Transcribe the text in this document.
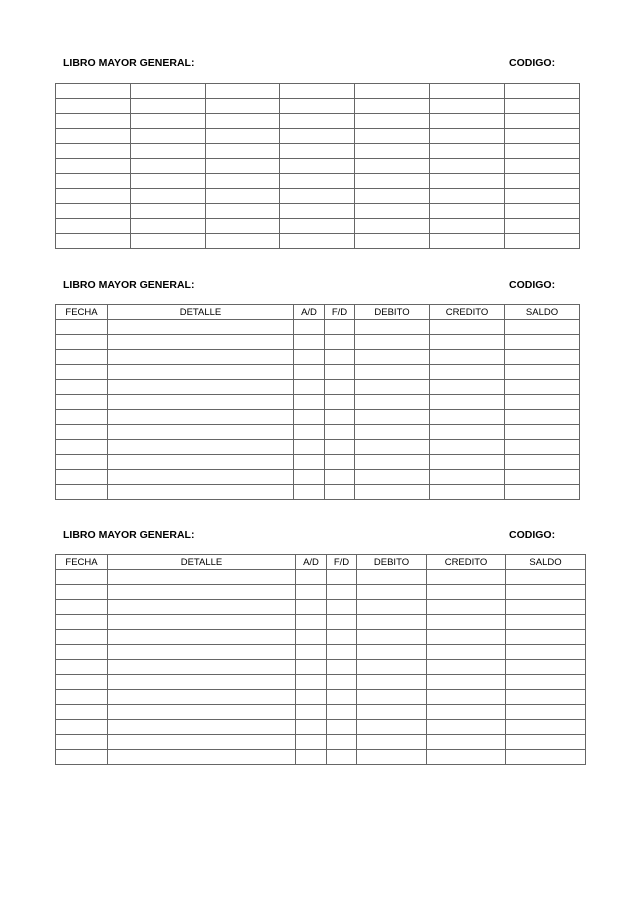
LIBRO MAYOR GENERAL:	CODIGO:

LIBRO MAYOR GENERAL:	CODIGO:
FECHA	DETALLE	A/D	F/D	DEBITO	CREDITO	SALDO

LIBRO MAYOR GENERAL:	CODIGO:
FECHA	DETALLE	A/D	F/D	DEBITO	CREDITO	SALDO
